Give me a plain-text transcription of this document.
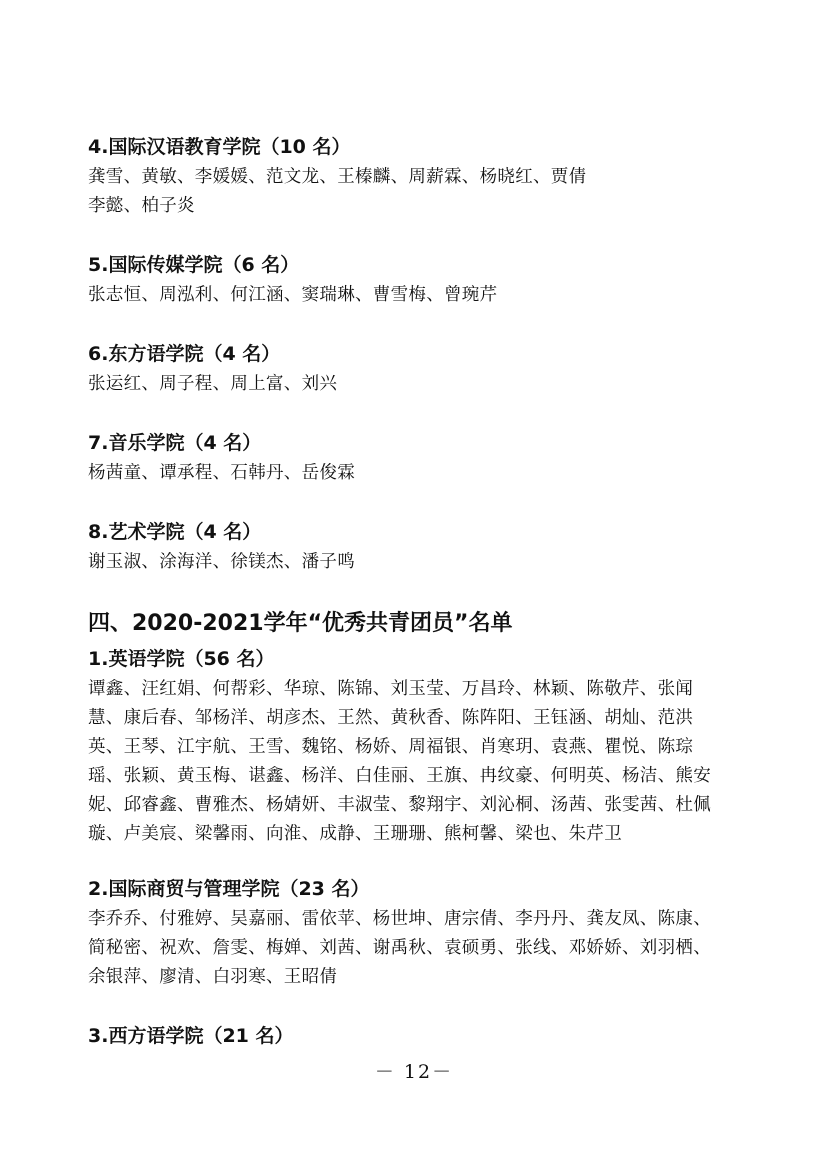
4.国际汉语教育学院（10 名）

龚雪、黄敏、李媛媛、范文龙、王榛麟、周薪霖、杨晓红、贾倩
李懿、柏子炎

5.国际传媒学院（6 名）

张志恒、周泓利、何江涵、窦瑞琳、曹雪梅、曾琬芹

6.东方语学院（4 名）

张运红、周子程、周上富、刘兴

7.音乐学院（4 名）

杨茜童、谭承程、石韩丹、岳俊霖

8.艺术学院（4 名）

谢玉淑、涂海洋、徐镁杰、潘子鸣

四、2020-2021学年“优秀共青团员”名单

1.英语学院（56 名）

谭鑫、汪红娟、何帮彩、华琼、陈锦、刘玉莹、万昌玲、林颖、陈敬芹、张闻
慧、康后春、邹杨洋、胡彦杰、王然、黄秋香、陈阵阳、王钰涵、胡灿、范洪
英、王琴、江宇航、王雪、魏铭、杨娇、周福银、肖寒玥、袁燕、瞿悦、陈琮
瑶、张颖、黄玉梅、谌鑫、杨洋、白佳丽、王旗、冉纹豪、何明英、杨洁、熊安
妮、邱睿鑫、曹雅杰、杨婧妍、丰淑莹、黎翔宇、刘沁桐、汤茜、张雯茜、杜佩
璇、卢美宸、梁馨雨、向淮、成静、王珊珊、熊柯馨、梁也、朱芹卫

2.国际商贸与管理学院（23 名）

李乔乔、付雅婷、吴嘉丽、雷依苹、杨世坤、唐宗倩、李丹丹、龚友凤、陈康、
简秘密、祝欢、詹雯、梅婵、刘茜、谢禹秋、袁硕勇、张线、邓娇娇、刘羽栖、
余银萍、廖清、白羽寒、王昭倩

3.西方语学院（21 名）

－ 12－
